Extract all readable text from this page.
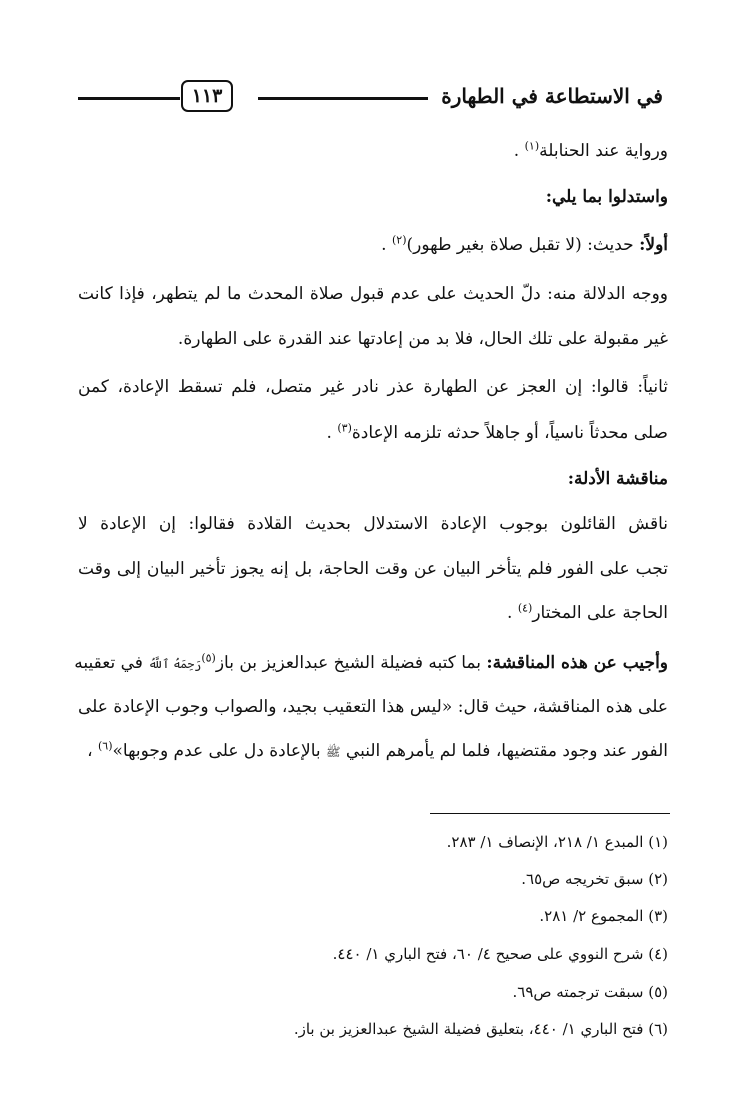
في الاستطاعة في الطهارة
١١٣
ورواية عند الحنابلة$^{(١)}$ .
واستدلوا بما يلي:
أولاً: حديث: (لا تقبل صلاة بغير طهور)$^{(٢)}$ .
ووجه الدلالة منه: دلّ الحديث على عدم قبول صلاة المحدث ما لم يتطهر، فإذا كانت
غير مقبولة على تلك الحال، فلا بد من إعادتها عند القدرة على الطهارة.
ثانياً: قالوا: إن العجز عن الطهارة عذر نادر غير متصل، فلم تسقط الإعادة، كمن
صلى محدثاً ناسياً، أو جاهلاً حدثه تلزمه الإعادة$^{(٣)}$ .
مناقشة الأدلة:
ناقش القائلون بوجوب الإعادة الاستدلال بحديث القلادة فقالوا: إن الإعادة لا
تجب على الفور فلم يتأخر البيان عن وقت الحاجة، بل إنه يجوز تأخير البيان إلى وقت
الحاجة على المختار$^{(٤)}$ .
وأجيب عن هذه المناقشة: بما كتبه فضيلة الشيخ عبدالعزيز بن باز$^{(٥)}$رَحِمَهُ ٱللَّهُ في تعقيبه
على هذه المناقشة، حيث قال: «ليس هذا التعقيب بجيد، والصواب وجوب الإعادة على
الفور عند وجود مقتضيها، فلما لم يأمرهم النبي ﷺ بالإعادة دل على عدم وجوبها»$^{(٦)}$ ،
(١) المبدع ١/ ٢١٨، الإنصاف ١/ ٢٨٣.
(٢) سبق تخريجه ص٦٥.
(٣) المجموع ٢/ ٢٨١.
(٤) شرح النووي على صحيح ٤/ ٦٠، فتح الباري ١/ ٤٤٠.
(٥) سبقت ترجمته ص٦٩.
(٦) فتح الباري ١/ ٤٤٠، بتعليق فضيلة الشيخ عبدالعزيز بن باز.
